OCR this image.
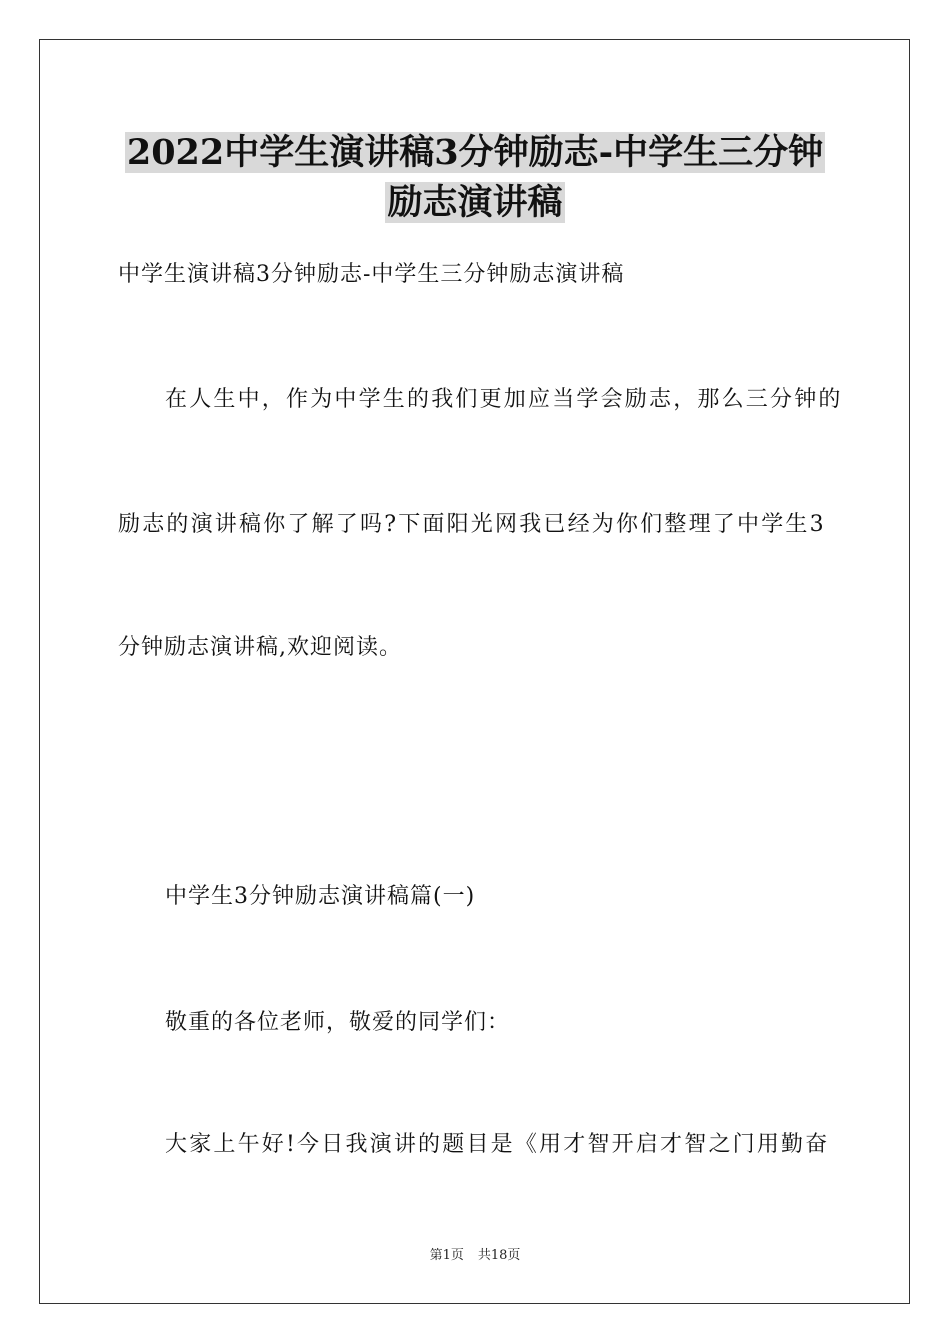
2022中学生演讲稿3分钟励志-中学生三分钟
励志演讲稿

中学生演讲稿3分钟励志-中学生三分钟励志演讲稿

在人生中，作为中学生的我们更加应当学会励志，那么三分钟的

励志的演讲稿你了解了吗?下面阳光网我已经为你们整理了中学生3

分钟励志演讲稿,欢迎阅读。

中学生3分钟励志演讲稿篇(一)

敬重的各位老师，敬爱的同学们：

大家上午好!今日我演讲的题目是《用才智开启才智之门用勤奋

第1页 共18页
